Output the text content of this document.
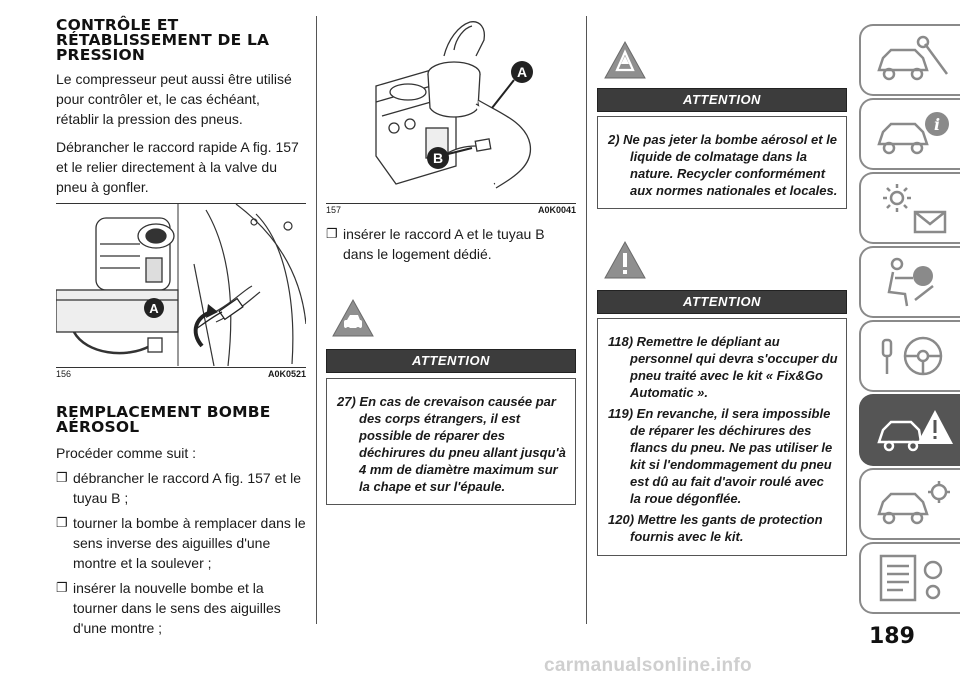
CONTRÔLE ET RÉTABLISSEMENT DE LA PRESSION

Le compresseur peut aussi être utilisé pour contrôler et, le cas échéant, rétablir la pression des pneus.

Débrancher le raccord rapide A fig. 157 et le relier directement à la valve du pneu à gonfler.

A
156	A0K0521
REMPLACEMENT BOMBE AÉROSOL

Procéder comme suit :

❐ débrancher le raccord A fig. 157 et le tuyau B ;
❐ tourner la bombe à remplacer dans le sens inverse des aiguilles d'une montre et la soulever ;
❐ insérer la nouvelle bombe et la tourner dans le sens des aiguilles d'une montre ;
A
B
157	A0K0041
❐ insérer le raccord A et le tuyau B dans le logement dédié.
ATTENTION
27) En cas de crevaison causée par des corps étrangers, il est possible de réparer des déchirures du pneu allant jusqu'à 4 mm de diamètre maximum sur la chape et sur l'épaule.
ATTENTION
2) Ne pas jeter la bombe aérosol et le liquide de colmatage dans la nature. Recycler conformément aux normes nationales et locales.
ATTENTION
118) Remettre le dépliant au personnel qui devra s'occuper du pneu traité avec le kit « Fix&Go Automatic ».
119) En revanche, il sera impossible de réparer les déchirures des flancs du pneu. Ne pas utiliser le kit si l'endommagement du pneu est dû au fait d'avoir roulé avec la roue dégonflée.
120) Mettre les gants de protection fournis avec le kit.
i
189
carmanualsonline.info
